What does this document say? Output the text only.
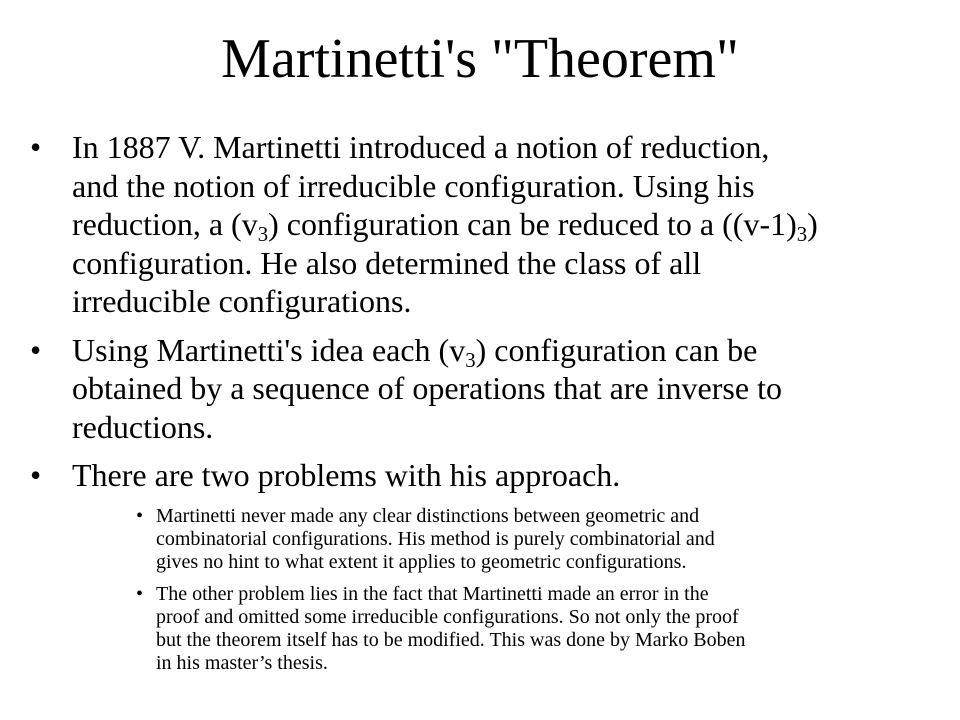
Martinetti's "Theorem"
• In 1887 V. Martinetti introduced a notion of reduction,
and the notion of irreducible configuration. Using his
reduction, a $(v_3)$ configuration can be reduced to a $((v-1)_3)$
configuration. He also determined the class of all
irreducible configurations.
• Using Martinetti's idea each $(v_3)$ configuration can be
obtained by a sequence of operations that are inverse to
reductions.
• There are two problems with his approach.
• Martinetti never made any clear distinctions between geometric and
combinatorial configurations. His method is purely combinatorial and
gives no hint to what extent it applies to geometric configurations.
• The other problem lies in the fact that Martinetti made an error in the
proof and omitted some irreducible configurations. So not only the proof
but the theorem itself has to be modified. This was done by Marko Boben
in his master’s thesis.
